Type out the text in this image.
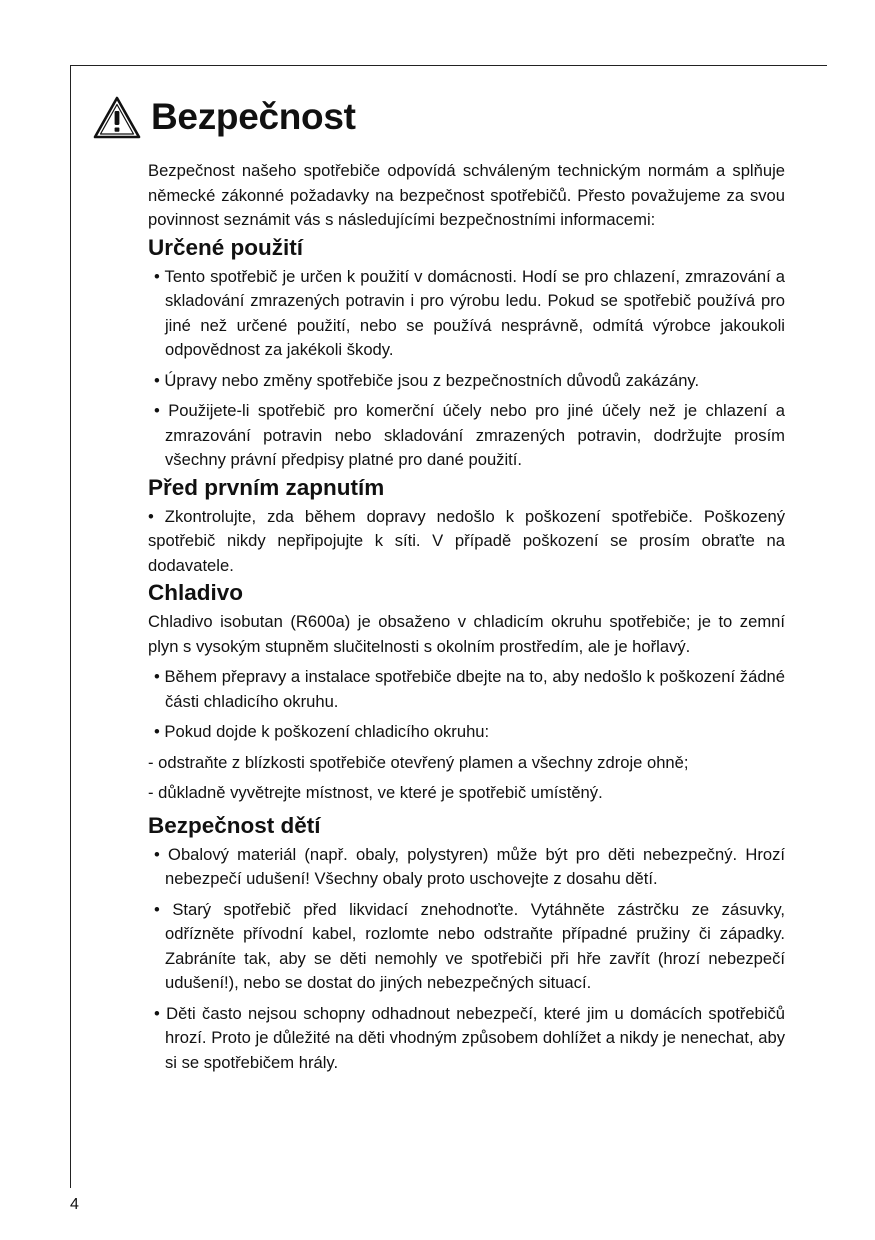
Bezpečnost

Bezpečnost našeho spotřebiče odpovídá schváleným technickým normám a splňuje německé zákonné požadavky na bezpečnost spotřebičů. Přesto považujeme za svou povinnost seznámit vás s následujícími bezpečnostními informacemi:

Určené použití

• Tento spotřebič je určen k použití v domácnosti. Hodí se pro chlazení, zmrazování a skladování zmrazených potravin i pro výrobu ledu. Pokud se spotřebič používá pro jiné než určené použití, nebo se používá nesprávně, odmítá výrobce jakoukoli odpovědnost za jakékoli škody.

• Úpravy nebo změny spotřebiče jsou z bezpečnostních důvodů zakázány.

• Použijete-li spotřebič pro komerční účely nebo pro jiné účely než je chlazení a zmrazování potravin nebo skladování zmrazených potravin, dodržujte prosím všechny právní předpisy platné pro dané použití.

Před prvním zapnutím

• Zkontrolujte, zda během dopravy nedošlo k poškození spotřebiče. Poškozený spotřebič nikdy nepřipojujte k síti. V případě poškození se prosím obraťte na dodavatele.

Chladivo

Chladivo isobutan (R600a) je obsaženo v chladicím okruhu spotřebiče; je to zemní plyn s vysokým stupněm slučitelnosti s okolním prostředím, ale je hořlavý.

• Během přepravy a instalace spotřebiče dbejte na to, aby nedošlo k poškození žádné části chladicího okruhu.

• Pokud dojde k poškození chladicího okruhu:

- odstraňte z blízkosti spotřebiče otevřený plamen a všechny zdroje ohně;

- důkladně vyvětrejte místnost, ve které je spotřebič umístěný.

Bezpečnost dětí

• Obalový materiál (např. obaly, polystyren) může být pro děti nebezpečný. Hrozí nebezpečí udušení! Všechny obaly proto uschovejte z dosahu dětí.

• Starý spotřebič před likvidací znehodnoťte. Vytáhněte zástrčku ze zásuvky, odřízněte přívodní kabel, rozlomte nebo odstraňte případné pružiny či západky. Zabráníte tak, aby se děti nemohly ve spotřebiči při hře zavřít (hrozí nebezpečí udušení!), nebo se dostat do jiných nebezpečných situací.

• Děti často nejsou schopny odhadnout nebezpečí, které jim u domácích spotřebičů hrozí. Proto je důležité na děti vhodným způsobem dohlížet a nikdy je nenechat, aby si se spotřebičem hrály.

4
